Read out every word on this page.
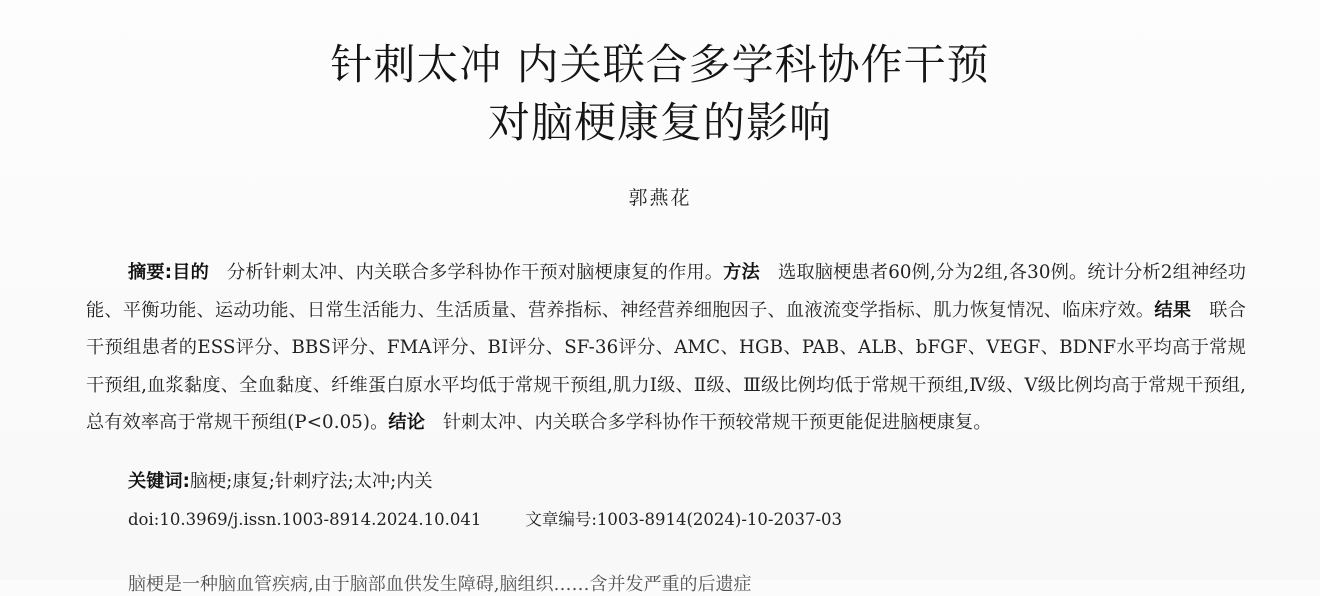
针刺太冲 内关联合多学科协作干预
对脑梗康复的影响
郭燕花
摘要:目的 分析针刺太冲、内关联合多学科协作干预对脑梗康复的作用。方法 选取脑梗患者60例,分为2组,各30例。统计分析2组神经功能、平衡功能、运动功能、日常生活能力、生活质量、营养指标、神经营养细胞因子、血液流变学指标、肌力恢复情况、临床疗效。结果 联合干预组患者的ESS评分、BBS评分、FMA评分、BI评分、SF-36评分、AMC、HGB、PAB、ALB、bFGF、VEGF、BDNF水平均高于常规干预组,血浆黏度、全血黏度、纤维蛋白原水平均低于常规干预组,肌力Ⅰ级、Ⅱ级、Ⅲ级比例均低于常规干预组,Ⅳ级、Ⅴ级比例均高于常规干预组,总有效率高于常规干预组(P<0.05)。结论 针刺太冲、内关联合多学科协作干预较常规干预更能促进脑梗康复。
关键词:脑梗;康复;针刺疗法;太冲;内关
doi:10.3969/j.issn.1003-8914.2024.10.041	文章编号:1003-8914(2024)-10-2037-03
脑梗是一种脑血管疾病,由于脑部血供发生障碍,脑组织……含并发严重的后遗症
